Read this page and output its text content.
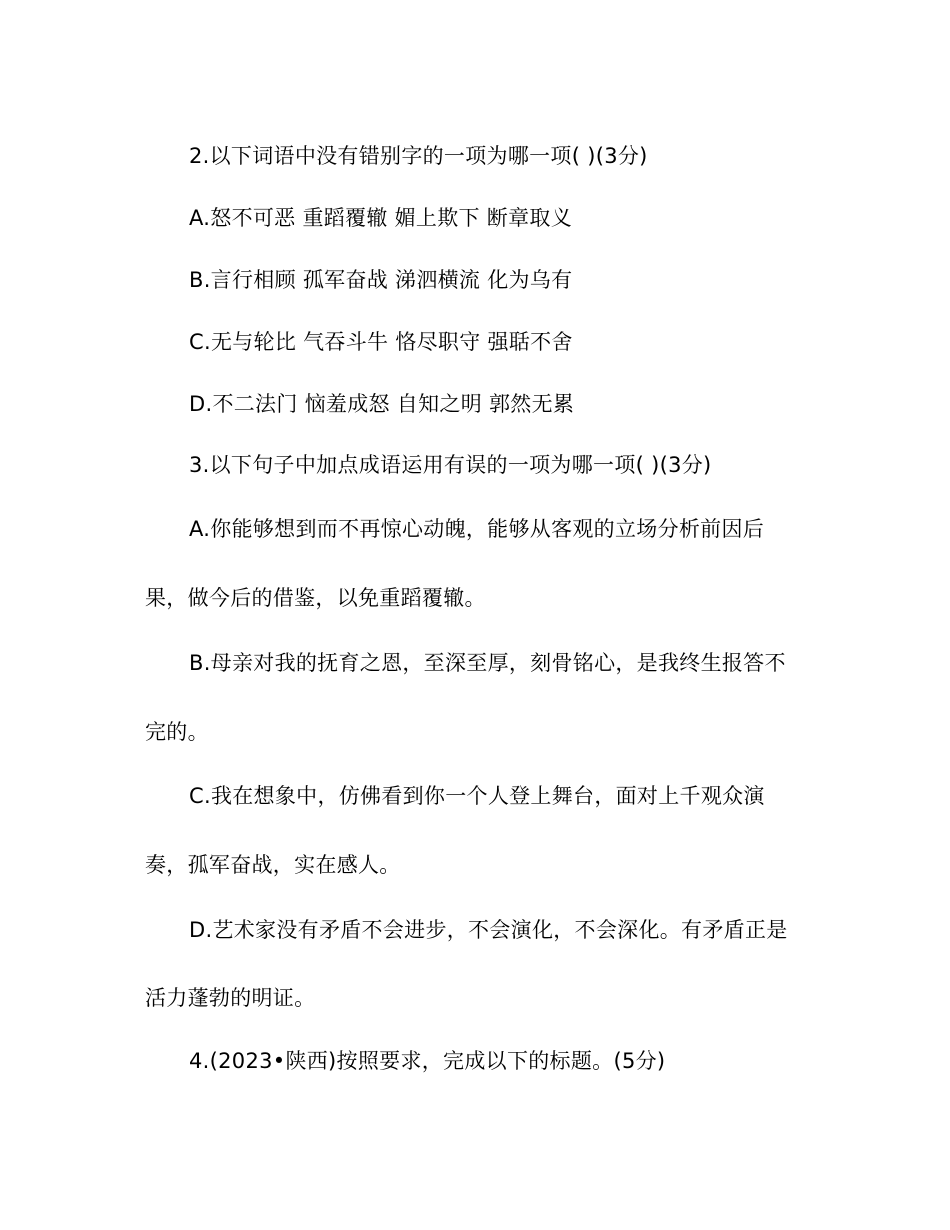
2.以下词语中没有错别字的一项为哪一项( )(3分)
A.怒不可恶 重蹈覆辙 媚上欺下 断章取义
B.言行相顾 孤军奋战 涕泗横流 化为乌有
C.无与轮比 气吞斗牛 恪尽职守 强聒不舍
D.不二法门 恼羞成怒 自知之明 郭然无累
3.以下句子中加点成语运用有误的一项为哪一项( )(3分)
A.你能够想到而不再惊心动魄，能够从客观的立场分析前因后
果，做今后的借鉴，以免重蹈覆辙。
B.母亲对我的抚育之恩，至深至厚，刻骨铭心，是我终生报答不
完的。
C.我在想象中，仿佛看到你一个人登上舞台，面对上千观众演
奏，孤军奋战，实在感人。
D.艺术家没有矛盾不会进步，不会演化，不会深化。有矛盾正是
活力蓬勃的明证。
4.(2023•陕西)按照要求，完成以下的标题。(5分)
